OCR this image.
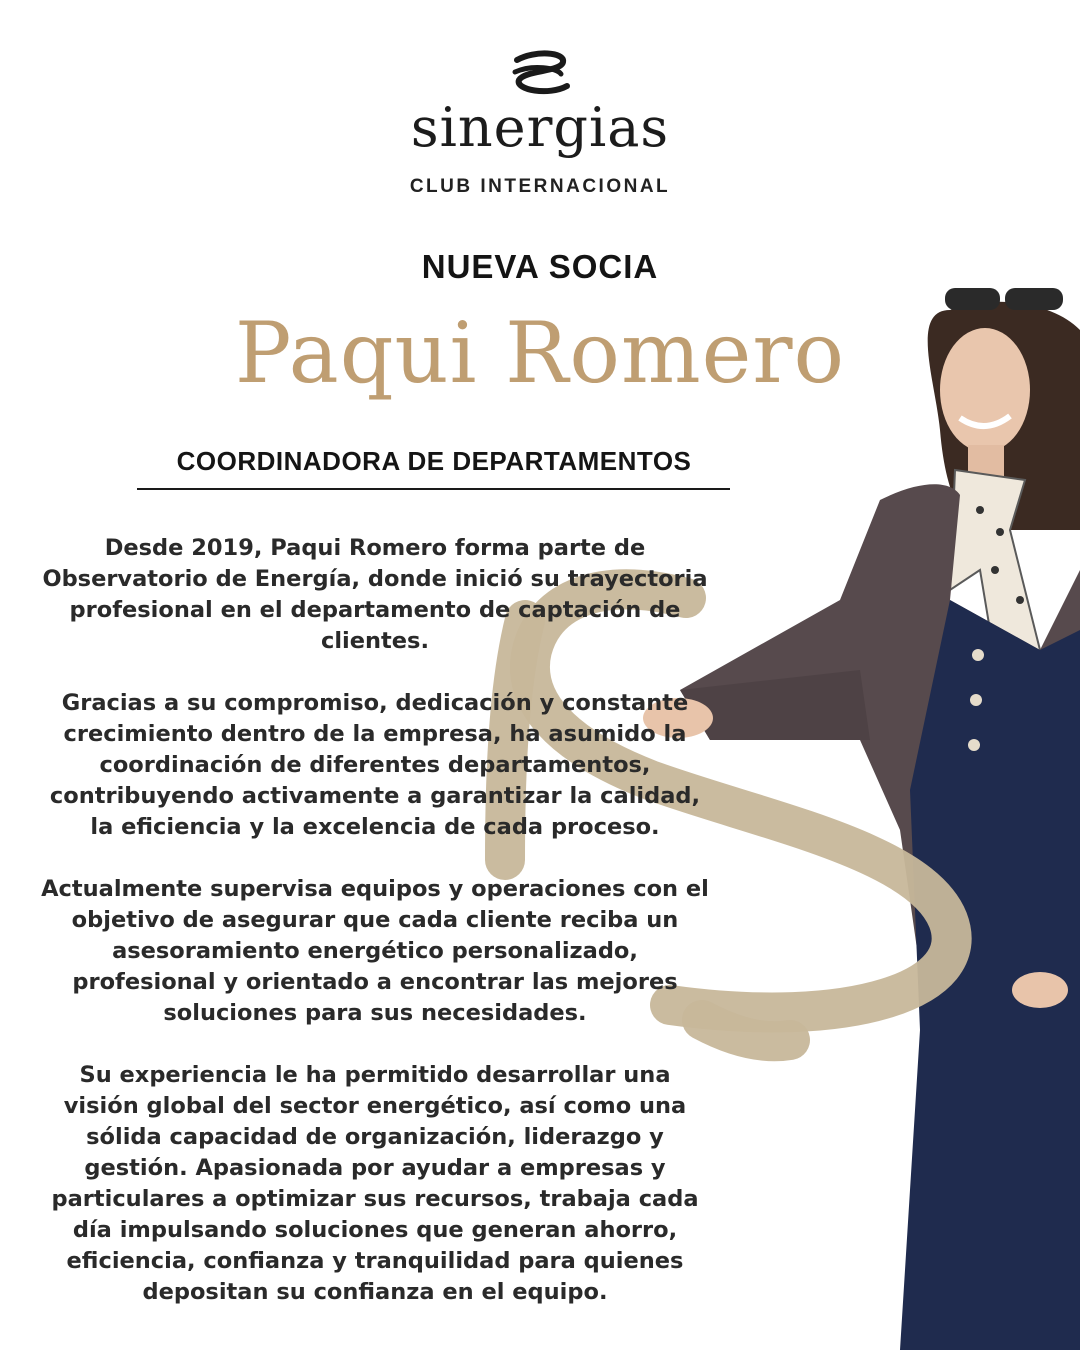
sinergias
CLUB INTERNACIONAL
NUEVA SOCIA
Paqui Romero
COORDINADORA DE DEPARTAMENTOS

Desde 2019, Paqui Romero forma parte de Observatorio de Energía, donde inició su trayectoria profesional en el departamento de captación de clientes.

Gracias a su compromiso, dedicación y constante crecimiento dentro de la empresa, ha asumido la coordinación de diferentes departamentos, contribuyendo activamente a garantizar la calidad, la eficiencia y la excelencia de cada proceso.

Actualmente supervisa equipos y operaciones con el objetivo de asegurar que cada cliente reciba un asesoramiento energético personalizado, profesional y orientado a encontrar las mejores soluciones para sus necesidades.

Su experiencia le ha permitido desarrollar una visión global del sector energético, así como una sólida capacidad de organización, liderazgo y gestión. Apasionada por ayudar a empresas y particulares a optimizar sus recursos, trabaja cada día impulsando soluciones que generan ahorro, eficiencia, confianza y tranquilidad para quienes depositan su confianza en el equipo.
